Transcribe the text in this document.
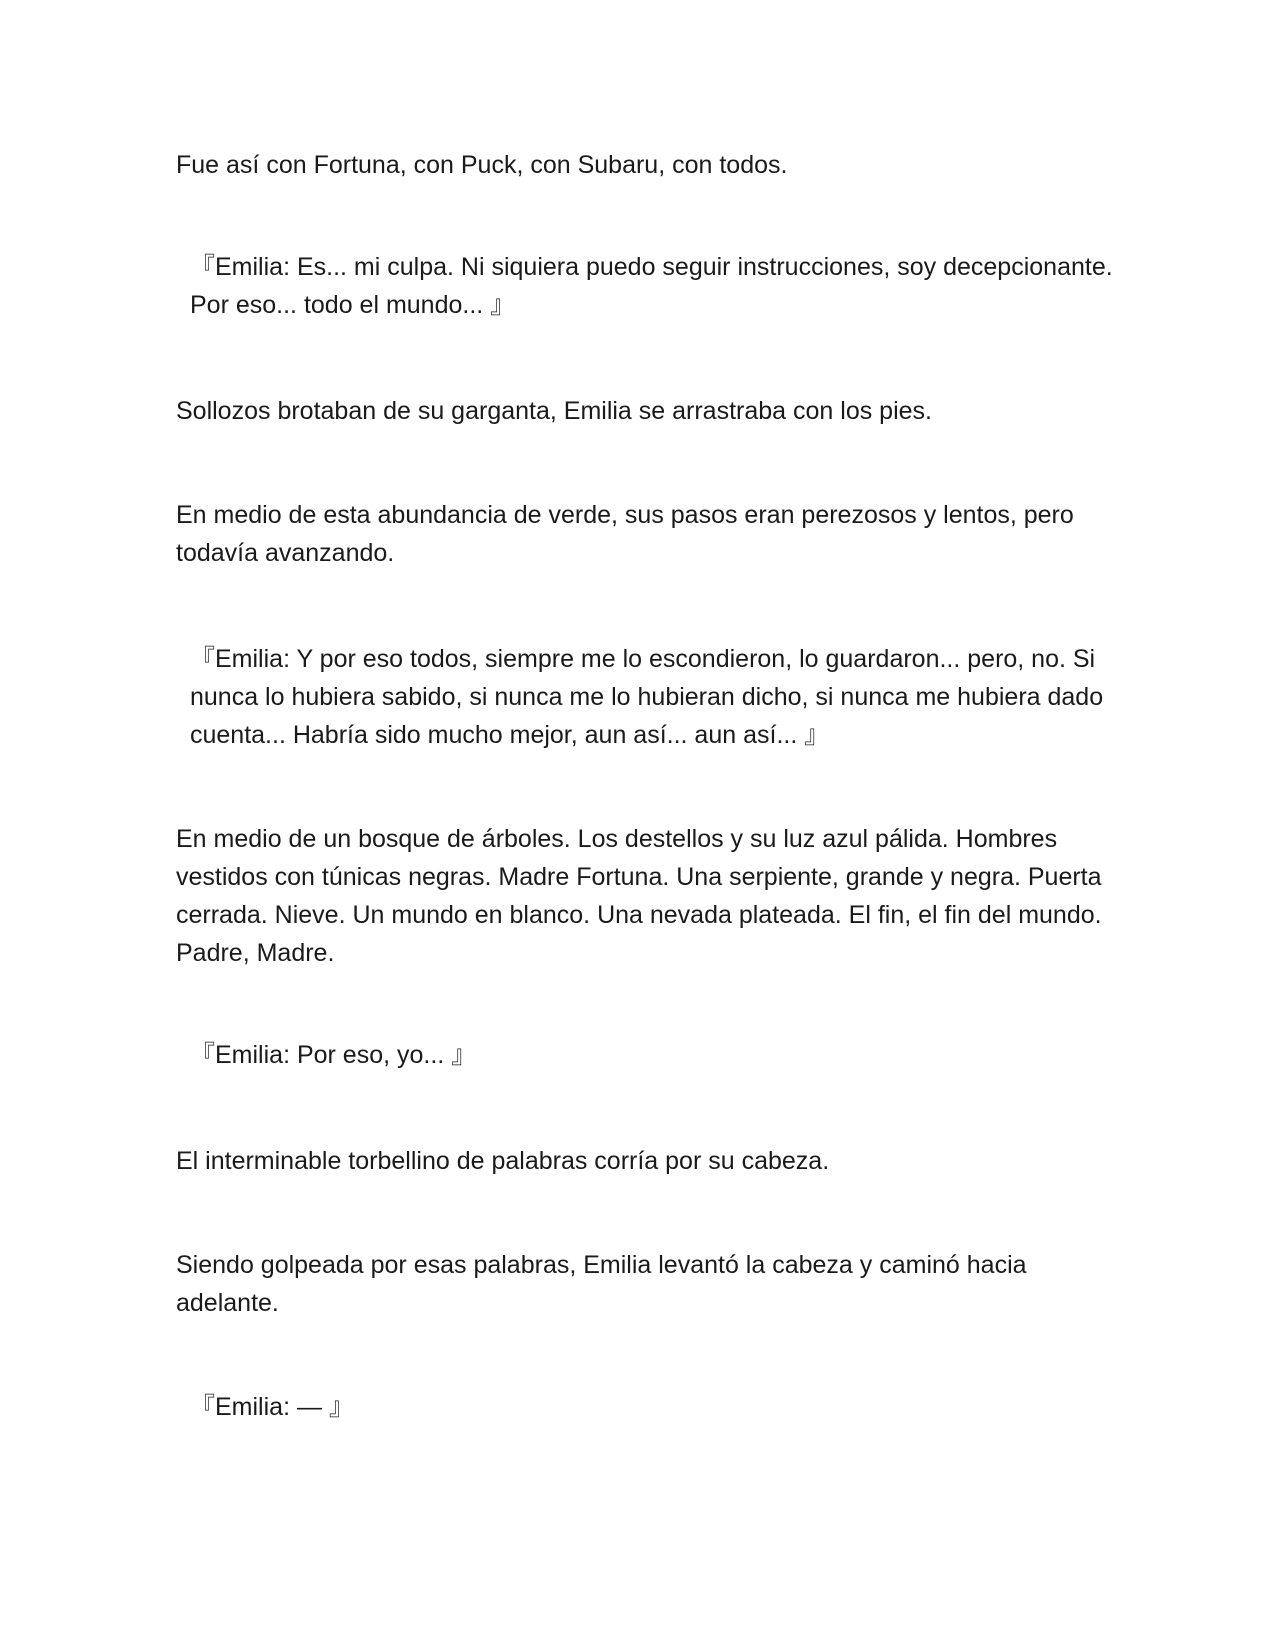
Fue así con Fortuna, con Puck, con Subaru, con todos.

『Emilia: Es... mi culpa. Ni siquiera puedo seguir instrucciones, soy decepcionante. Por eso... todo el mundo... 』

Sollozos brotaban de su garganta, Emilia se arrastraba con los pies.

En medio de esta abundancia de verde, sus pasos eran perezosos y lentos, pero todavía avanzando.

『Emilia: Y por eso todos, siempre me lo escondieron, lo guardaron... pero, no. Si nunca lo hubiera sabido, si nunca me lo hubieran dicho, si nunca me hubiera dado cuenta... Habría sido mucho mejor, aun así... aun así... 』

En medio de un bosque de árboles. Los destellos y su luz azul pálida. Hombres vestidos con túnicas negras. Madre Fortuna. Una serpiente, grande y negra. Puerta cerrada. Nieve. Un mundo en blanco. Una nevada plateada. El fin, el fin del mundo. Padre, Madre.

『Emilia: Por eso, yo... 』

El interminable torbellino de palabras corría por su cabeza.

Siendo golpeada por esas palabras, Emilia levantó la cabeza y caminó hacia adelante.

『Emilia: — 』
